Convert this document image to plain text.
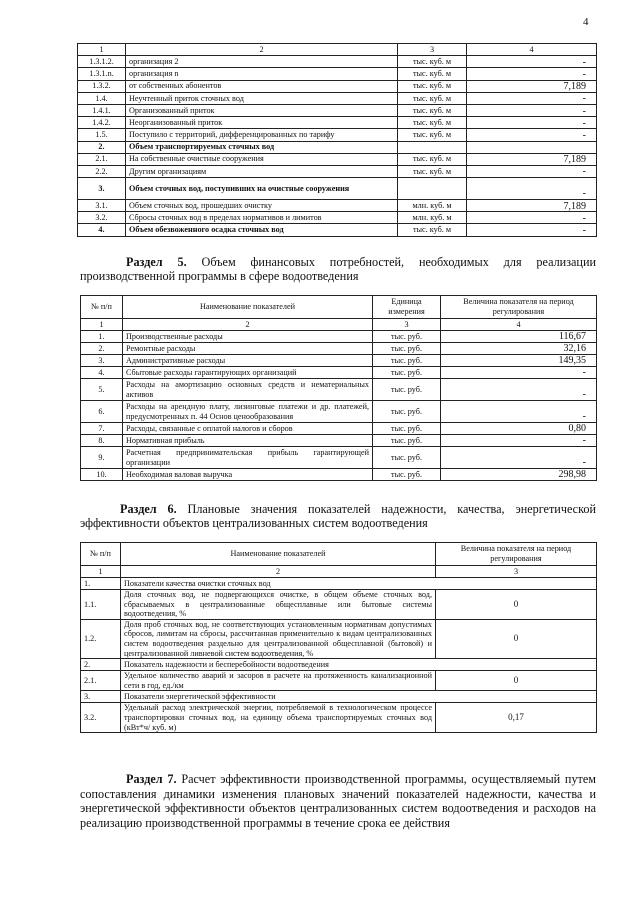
4
1	2	3	4
1.3.1.2.	организация 2	тыс. куб. м	-
1.3.1.n.	организация n	тыс. куб. м	-
1.3.2.	от собственных абонентов	тыс. куб. м	7,189
1.4.	Неучтенный приток сточных вод	тыс. куб. м	-
1.4.1.	Организованный приток	тыс. куб. м	-
1.4.2.	Неорганизованный приток	тыс. куб. м	-
1.5.	Поступило с территорий, дифференцированных по тарифу	тыс. куб. м	-
2.	Объем транспортируемых сточных вод		
2.1.	На собственные очистные сооружения	тыс. куб. м	7,189
2.2.	Другим организациям	тыс. куб. м	-
3.	Объем сточных вод, поступивших на очистные сооружения		-
3.1.	Объем сточных вод, прошедших очистку	млн. куб. м	7,189
3.2.	Сбросы сточных вод в пределах нормативов и лимитов	млн. куб. м	-
4.	Объем обезвоженного осадка сточных вод	тыс. куб. м	-
Раздел 5. Объем финансовых потребностей, необходимых для реализации производственной программы в сфере водоотведения
№ п/п	Наименование показателей	Единица измерения	Величина показателя на период регулирования
1	2	3	4
1.	Производственные расходы	тыс. руб.	116,67
2.	Ремонтные расходы	тыс. руб.	32,16
3.	Административные расходы	тыс. руб.	149,35
4.	Сбытовые расходы гарантирующих организаций	тыс. руб.	-
5.	Расходы на амортизацию основных средств и нематериальных активов	тыс. руб.	-
6.	Расходы на арендную плату, лизинговые платежи и др. платежей, предусмотренных п. 44 Основ ценообразования	тыс. руб.	-
7.	Расходы, связанные с оплатой налогов и сборов	тыс. руб.	0,80
8.	Нормативная прибыль	тыс. руб.	-
9.	Расчетная предпринимательская прибыль гарантирующей организации	тыс. руб.	-
10.	Необходимая валовая выручка	тыс. руб.	298,98
Раздел 6. Плановые значения показателей надежности, качества, энергетической эффективности объектов централизованных систем водоотведения
№ п/п	Наименование показателей	Величина показателя на период регулирования
1	2	3
1.	Показатели качества очистки сточных вод	
1.1.	Доля сточных вод, не подвергающихся очистке, в общем объеме сточных вод, сбрасываемых в централизованные общесплавные или бытовые системы водоотведения, %	0
1.2.	Доля проб сточных вод, не соответствующих установленным нормативам допустимых сбросов, лимитам на сбросы, рассчитанная применительно к видам централизованных систем водоотведения раздельно для централизованной общесплавной (бытовой) и централизованной ливневой систем водоотведения, %	0
2.	Показатель надежности и бесперебойности водоотведения	
2.1.	Удельное количество аварий и засоров в расчете на протяженность канализационной сети в год, ед./км	0
3.	Показатели энергетической эффективности	
3.2.	Удельный расход электрической энергии, потребляемой в технологическом процессе транспортировки сточных вод, на единицу объема транспортируемых сточных вод (кВт*ч/ куб. м)	0,17
Раздел 7. Расчет эффективности производственной программы, осуществляемый путем сопоставления динамики изменения плановых значений показателей надежности, качества и энергетической эффективности объектов централизованных систем водоотведения и расходов на реализацию производственной программы в течение срока ее действия
